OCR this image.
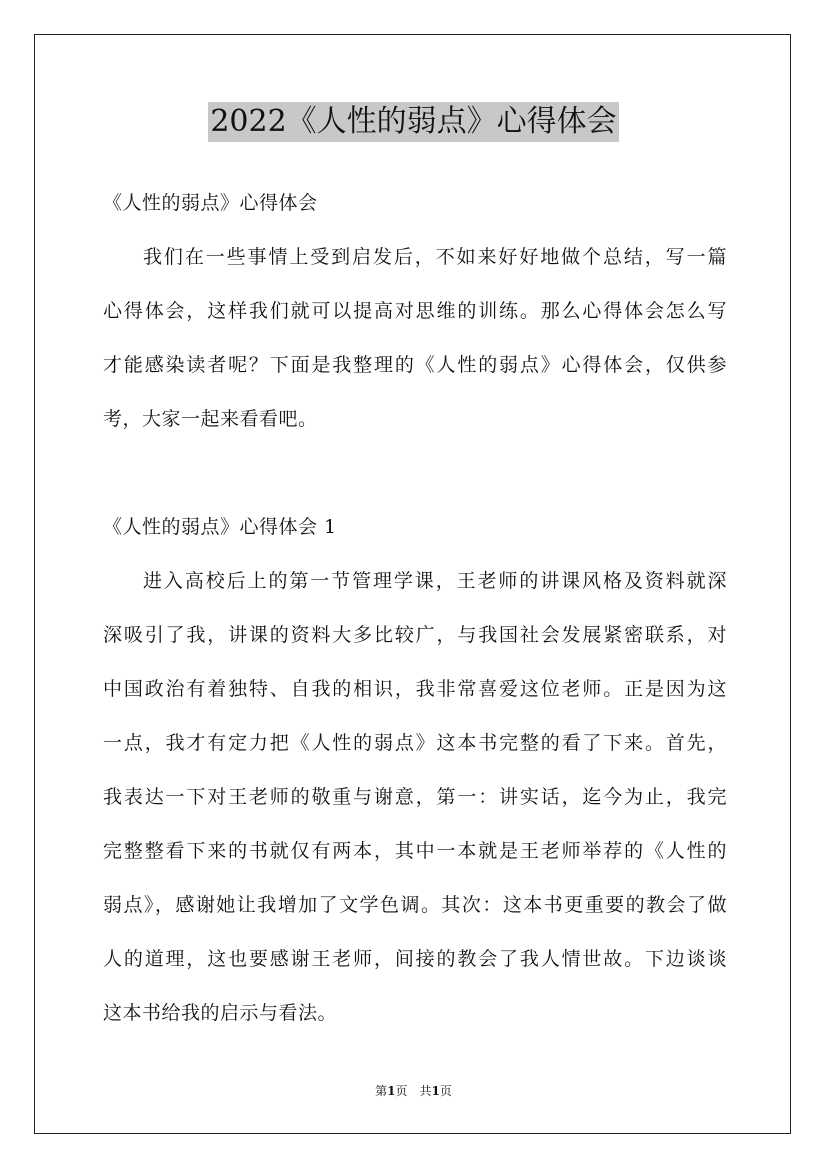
2022《人性的弱点》心得体会
《人性的弱点》心得体会
我们在一些事情上受到启发后，不如来好好地做个总结，写一篇
心得体会，这样我们就可以提高对思维的训练。那么心得体会怎么写
才能感染读者呢？下面是我整理的《人性的弱点》心得体会，仅供参
考，大家一起来看看吧。
《人性的弱点》心得体会 1
进入高校后上的第一节管理学课，王老师的讲课风格及资料就深
深吸引了我，讲课的资料大多比较广，与我国社会发展紧密联系，对
中国政治有着独特、自我的相识，我非常喜爱这位老师。正是因为这
一点，我才有定力把《人性的弱点》这本书完整的看了下来。首先，
我表达一下对王老师的敬重与谢意，第一：讲实话，迄今为止，我完
完整整看下来的书就仅有两本，其中一本就是王老师举荐的《人性的
弱点》，感谢她让我增加了文学色调。其次：这本书更重要的教会了做
人的道理，这也要感谢王老师，间接的教会了我人情世故。下边谈谈
这本书给我的启示与看法。
第1页　共1页
